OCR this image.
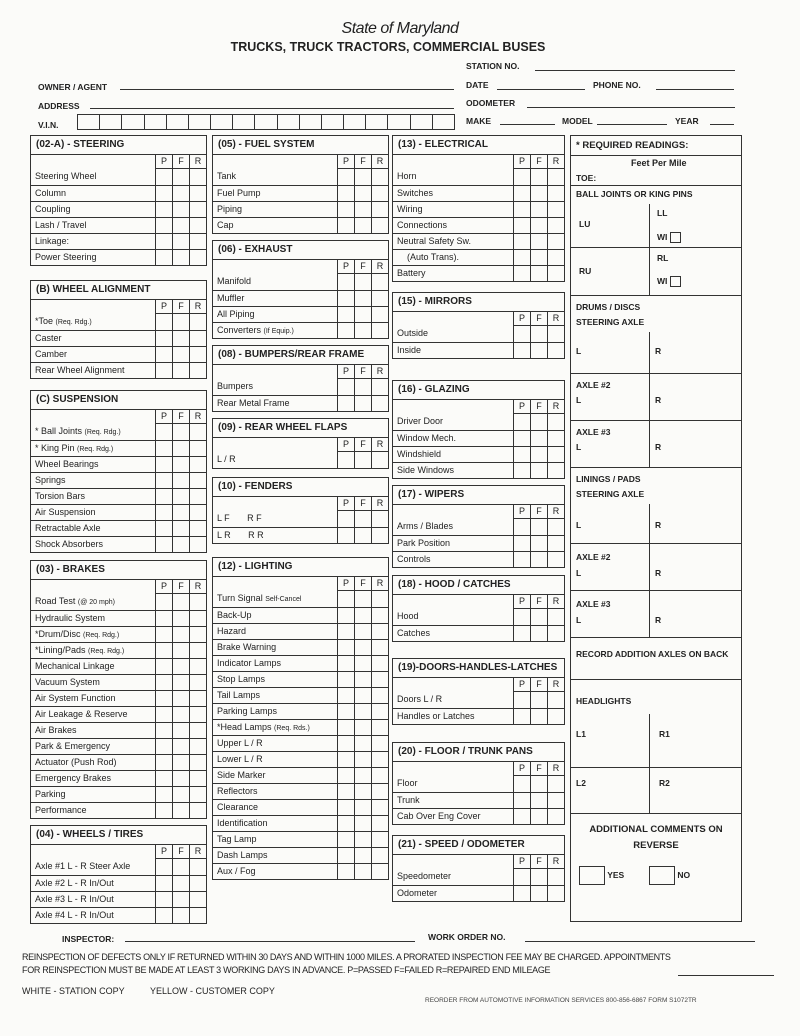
State of Maryland
TRUCKS, TRUCK TRACTORS, COMMERCIAL BUSES
STATION NO.
OWNER / AGENT	DATE	PHONE NO.
ADDRESS	ODOMETER
V.I.N.	MAKE	MODEL	YEAR
(02-A) - STEERING
P	F	R
Steering Wheel
Column
Coupling
Lash / Travel
Linkage:
Power Steering
(B) WHEEL ALIGNMENT
P	F	R
*Toe (Req. Rdg.)
Caster
Camber
Rear Wheel Alignment
(C) SUSPENSION
P	F	R
* Ball Joints (Req. Rdg.)
* King Pin (Req. Rdg.)
Wheel Bearings
Springs
Torsion Bars
Air Suspension
Retractable Axle
Shock Absorbers
(03) - BRAKES
P	F	R
Road Test (@ 20 mph)
Hydraulic System
*Drum/Disc (Req. Rdg.)
*Lining/Pads (Req. Rdg.)
Mechanical Linkage
Vacuum System
Air System Function
Air Leakage & Reserve
Air Brakes
Park & Emergency
Actuator (Push Rod)
Emergency Brakes
Parking
Performance
(04) - WHEELS / TIRES
P	F	R
Axle #1 L - R Steer Axle
Axle #2 L - R In/Out
Axle #3 L - R In/Out
Axle #4 L - R In/Out
(05) - FUEL SYSTEM
P	F	R
Tank
Fuel Pump
Piping
Cap
(06) - EXHAUST
P	F	R
Manifold
Muffler
All Piping
Converters (If Equip.)
(08) - BUMPERS/REAR FRAME
P	F	R
Bumpers
Rear Metal Frame
(09) - REAR WHEEL FLAPS
P	F	R
L / R
(10) - FENDERS
P	F	R
L F       R F
L R       R R
(12) - LIGHTING
P	F	R
Turn Signal Self-Cancel
Back-Up
Hazard
Brake Warning
Indicator Lamps
Stop Lamps
Tail Lamps
Parking Lamps
*Head Lamps (Req. Rds.)
Upper L / R
Lower L / R
Side Marker
Reflectors
Clearance
Identification
Tag Lamp
Dash Lamps
Aux / Fog
(13) - ELECTRICAL
P	F	R
Horn
Switches
Wiring
Connections
Neutral Safety Sw.
(Auto Trans).
Battery
(15) - MIRRORS
P	F	R
Outside
Inside
(16) - GLAZING
P	F	R
Driver Door
Window Mech.
Windshield
Side Windows
(17) - WIPERS
P	F	R
Arms / Blades
Park Position
Controls
(18) - HOOD / CATCHES
P	F	R
Hood
Catches
(19)-DOORS-HANDLES-LATCHES
P	F	R
Doors L / R
Handles or Latches
(20) - FLOOR / TRUNK PANS
P	F	R
Floor
Trunk
Cab Over Eng Cover
(21) - SPEED / ODOMETER
P	F	R
Speedometer
Odometer
* REQUIRED READINGS:
Feet Per Mile
TOE:
BALL JOINTS OR KING PINS
LU
LL
WI
RU
RL
WI
DRUMS / DISCS
STEERING AXLE
L	R
AXLE #2
L	R
AXLE #3
L	R
LININGS / PADS
STEERING AXLE
L	R
AXLE #2
L	R
AXLE #3
L	R
RECORD ADDITION AXLES ON BACK
HEADLIGHTS
L1	R1
L2	R2
ADDITIONAL COMMENTS ON REVERSE
YES	NO
INSPECTOR:	WORK ORDER NO.
REINSPECTION OF DEFECTS ONLY IF RETURNED WITHIN 30 DAYS AND WITHIN 1000 MILES. A PRORATED INSPECTION FEE MAY BE CHARGED. APPOINTMENTS
FOR REINSPECTION MUST BE MADE AT LEAST 3 WORKING DAYS IN ADVANCE. P=PASSED F=FAILED R=REPAIRED END MILEAGE
WHITE - STATION COPY	YELLOW - CUSTOMER COPY
REORDER FROM AUTOMOTIVE INFORMATION SERVICES 800-856-6867 FORM S1072TR
